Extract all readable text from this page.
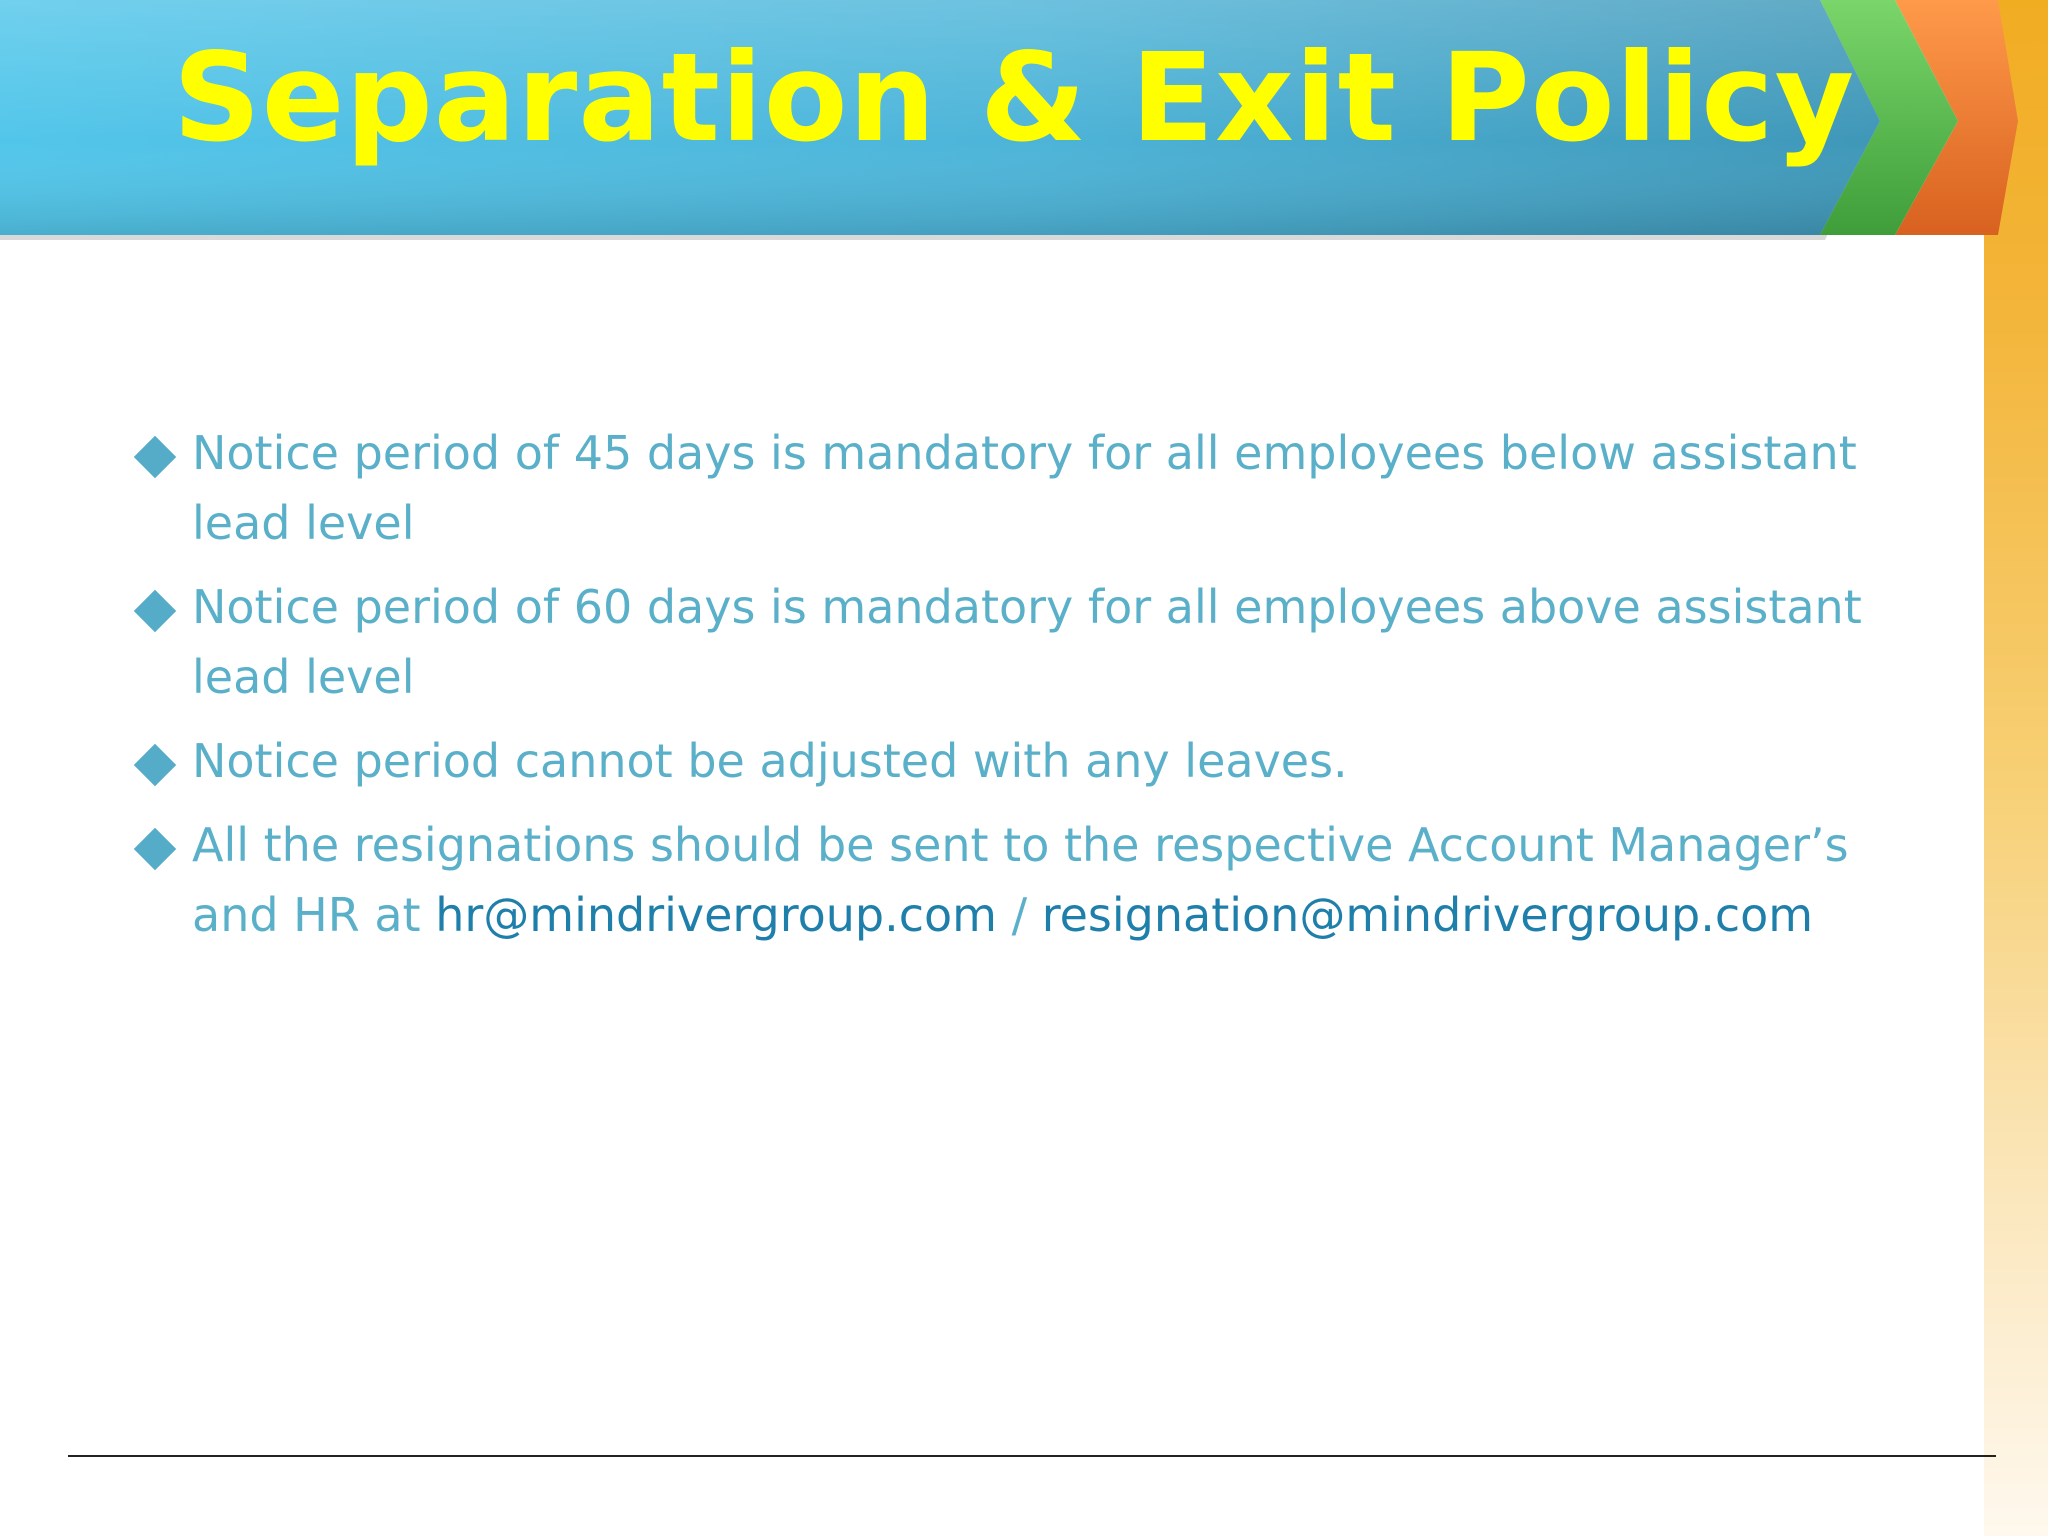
Separation & Exit Policy
Notice period of 45 days is mandatory for all employees below assistant lead level
Notice period of 60 days is mandatory for all employees above assistant lead level
Notice period cannot be adjusted with any leaves.
All the resignations should be sent to the respective Account Manager’s and HR at hr@mindrivergroup.com / resignation@mindrivergroup.com
